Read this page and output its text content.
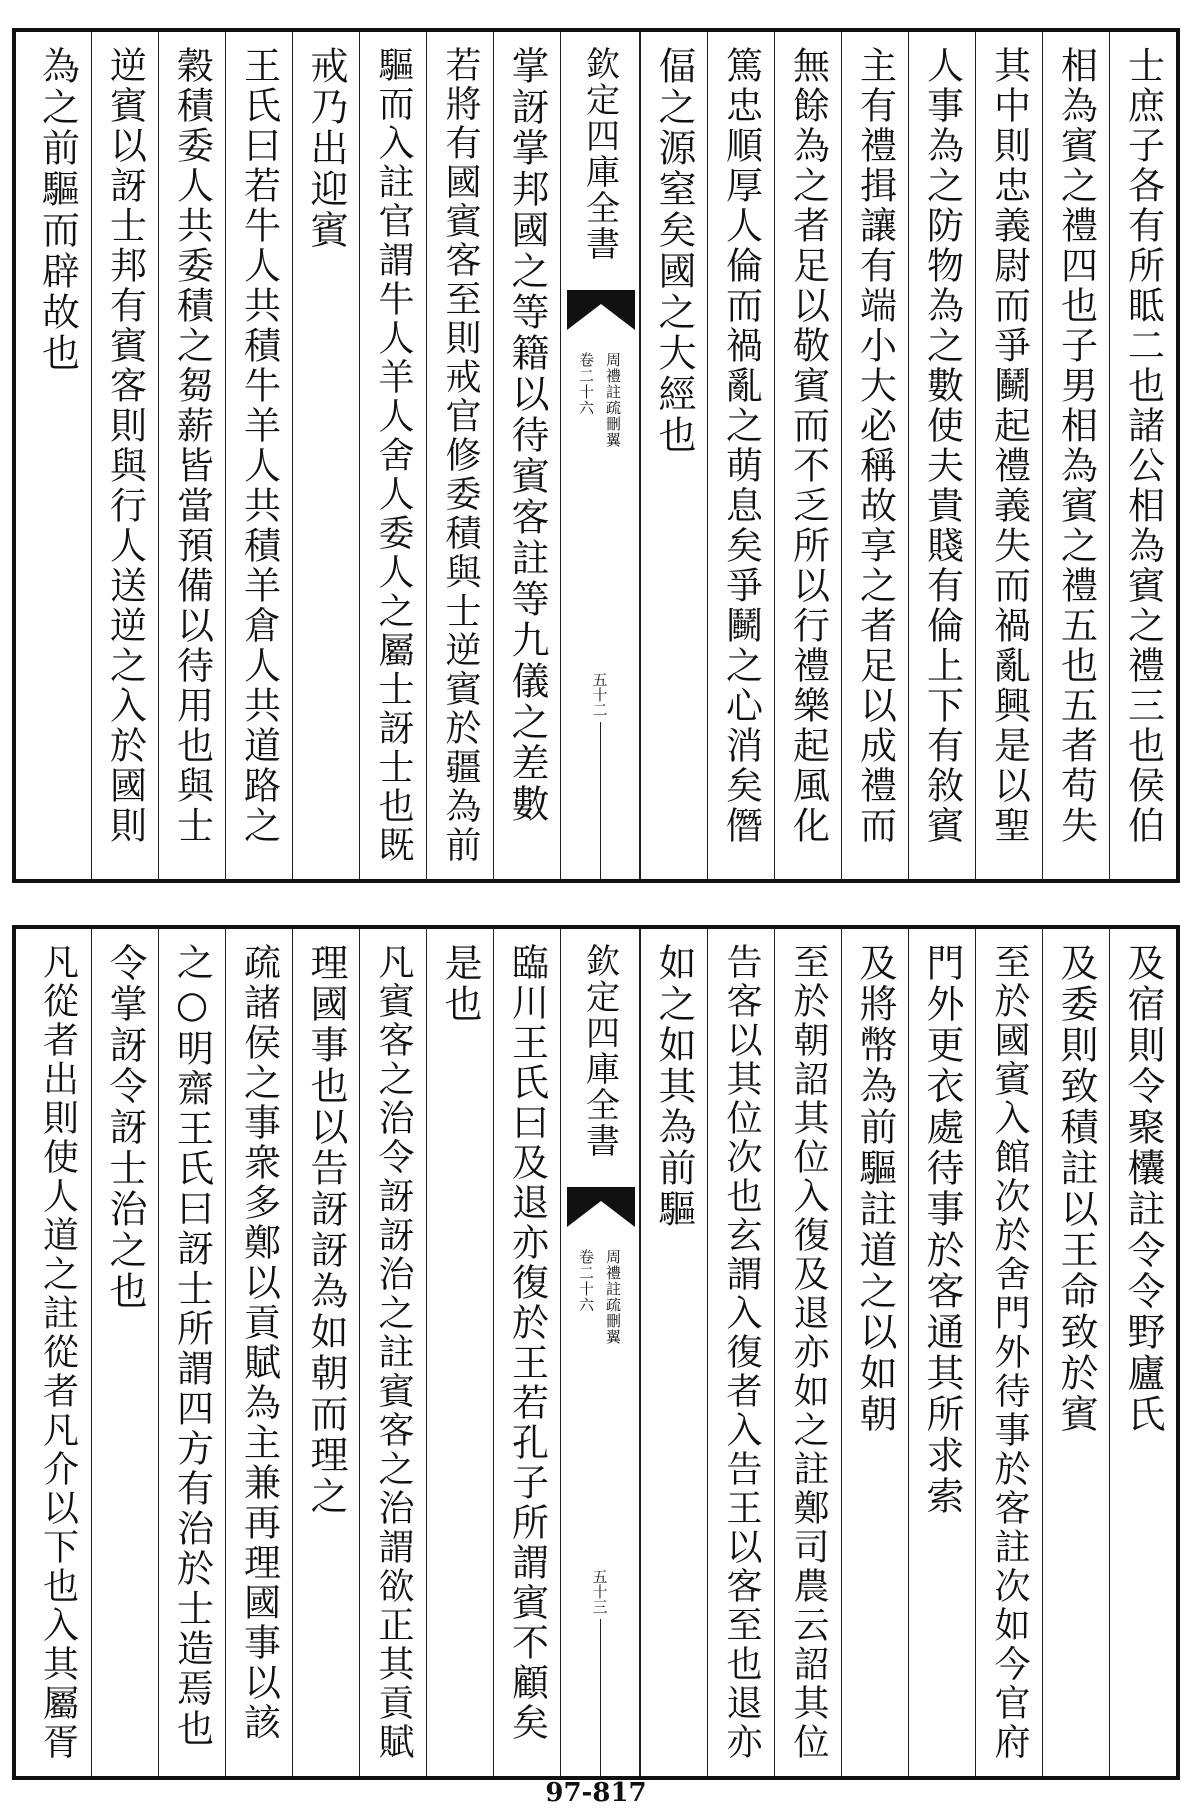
士庶子各有所眡二也諸公相為賓之禮三也侯伯
相為賓之禮四也子男相為賓之禮五也五者苟失
其中則忠義尉而爭鬭起禮義失而禍亂興是以聖
人事為之防物為之數使夫貴賤有倫上下有敘賓
主有禮揖讓有端小大必稱故享之者足以成禮而
無餘為之者足以敬賓而不乏所以行禮樂起風化
篤忠順厚人倫而禍亂之萌息矣爭鬭之心消矣僭
偪之源窒矣國之大經也
欽定四庫全書
周禮註疏刪翼
卷二十六
五十二
掌訝掌邦國之等籍以待賓客註等九儀之差數
若將有國賓客至則戒官修委積與士逆賓於疆為前
驅而入註官謂牛人羊人舍人委人之屬士訝士也既
戒乃出迎賓
王氏曰若牛人共積牛羊人共積羊倉人共道路之
穀積委人共委積之芻薪皆當預備以待用也與士
逆賓以訝士邦有賓客則與行人送逆之入於國則
為之前驅而辟故也
及宿則令聚欜註令令野廬氏
及委則致積註以王命致於賓
至於國賓入館次於舍門外待事於客註次如今官府
門外更衣處待事於客通其所求索
及將幣為前驅註道之以如朝
至於朝詔其位入復及退亦如之註鄭司農云詔其位
告客以其位次也玄謂入復者入告王以客至也退亦
如之如其為前驅
欽定四庫全書
周禮註疏刪翼
卷二十六
五十三
臨川王氏曰及退亦復於王若孔子所謂賓不顧矣
是也
凡賓客之治令訝訝治之註賓客之治謂欲正其貢賦
理國事也以告訝訝為如朝而理之
疏諸侯之事衆多鄭以貢賦為主兼再理國事以該
之○明齋王氏曰訝士所謂四方有治於士造焉也
令掌訝令訝士治之也
凡從者出則使人道之註從者凡介以下也入其屬胥
97-817
